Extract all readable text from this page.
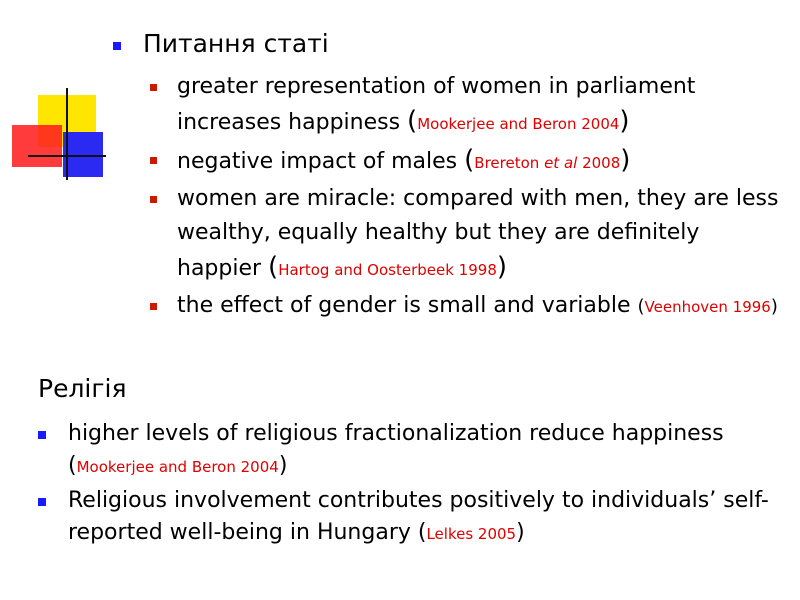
Питання статі
greater representation of women in parliament increases happiness (Mookerjee and Beron 2004)
negative impact of males (Brereton et al 2008)
women are miracle: compared with men, they are less wealthy, equally healthy but they are definitely happier (Hartog and Oosterbeek 1998)
the effect of gender is small and variable (Veenhoven 1996)
Релігія
higher levels of religious fractionalization reduce happiness (Mookerjee and Beron 2004)
Religious involvement contributes positively to individuals’ self-reported well-being in Hungary (Lelkes 2005)
